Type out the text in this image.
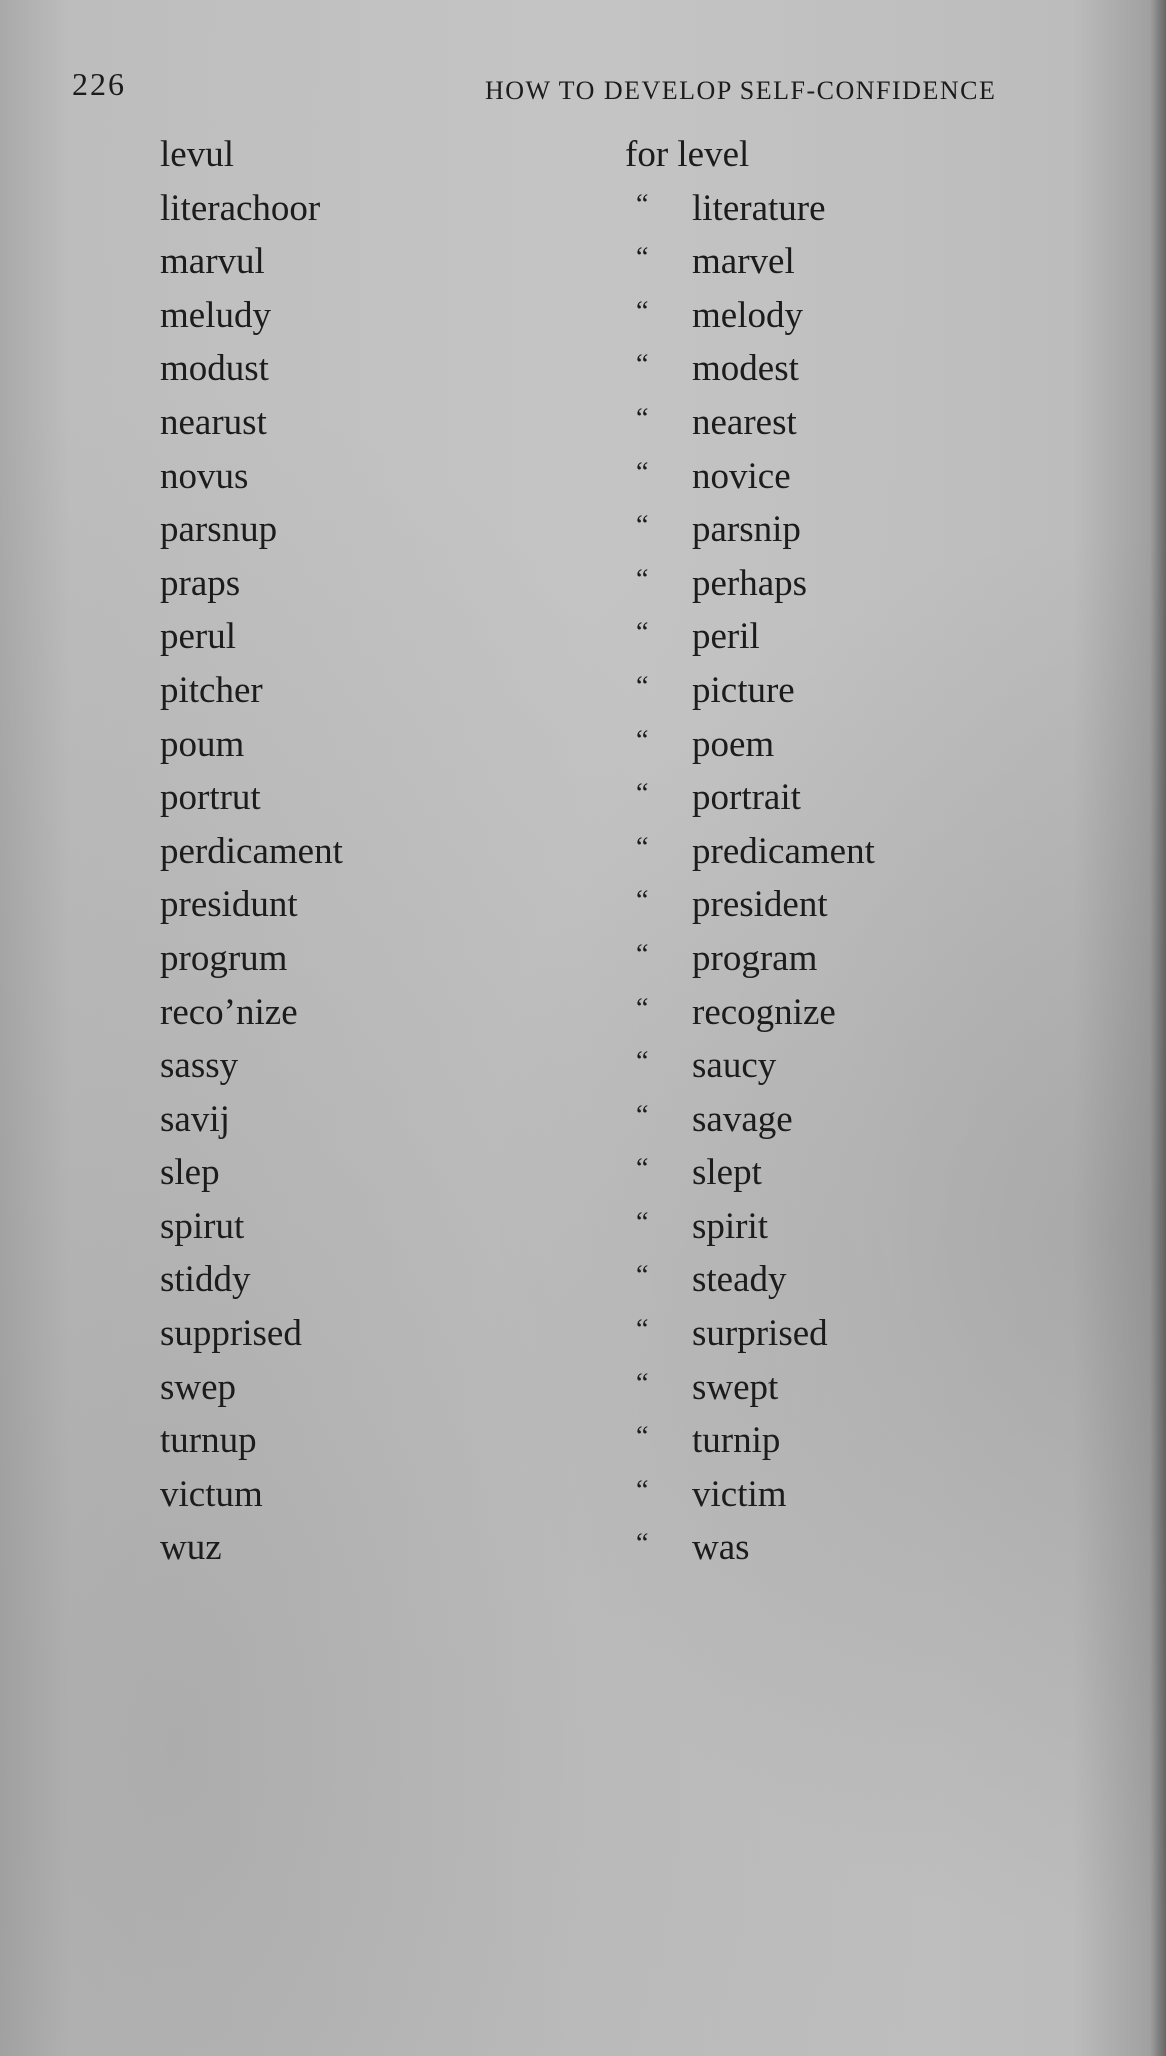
226	HOW TO DEVELOP SELF-CONFIDENCE
levul	for level
literachoor	“ literature
marvul	“ marvel
meludy	“ melody
modust	“ modest
nearust	“ nearest
novus	“ novice
parsnup	“ parsnip
praps	“ perhaps
perul	“ peril
pitcher	“ picture
poum	“ poem
portrut	“ portrait
perdicament	“ predicament
presidunt	“ president
progrum	“ program
reco’nize	“ recognize
sassy	“ saucy
savij	“ savage
slep	“ slept
spirut	“ spirit
stiddy	“ steady
supprised	“ surprised
swep	“ swept
turnup	“ turnip
victum	“ victim
wuz	“ was
